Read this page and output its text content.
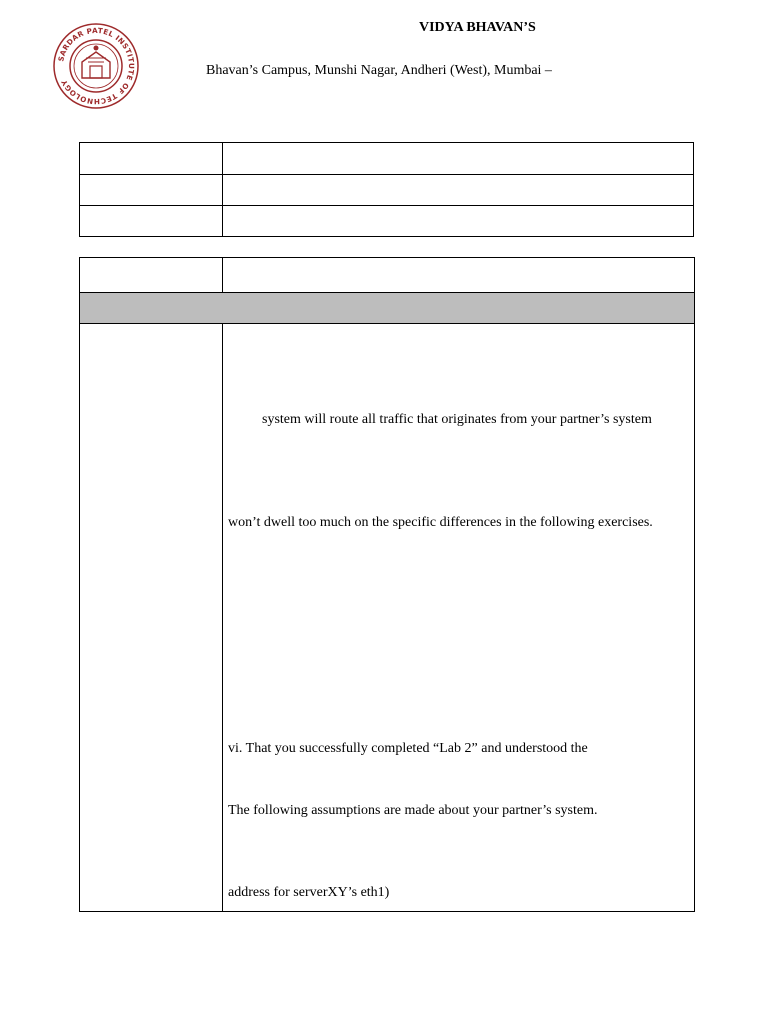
SARDAR PATEL INSTITUTE OF TECHNOLOGY
VIDYA BHAVAN’S
Bhavan’s Campus, Munshi Nagar, Andheri (West), Mumbai –
system will route all traffic that originates from your partner’s system
won’t dwell too much on the specific differences in the following exercises.
vi. That you successfully completed “Lab 2” and understood the
The following assumptions are made about your partner’s system.
address for serverXY’s eth1)
